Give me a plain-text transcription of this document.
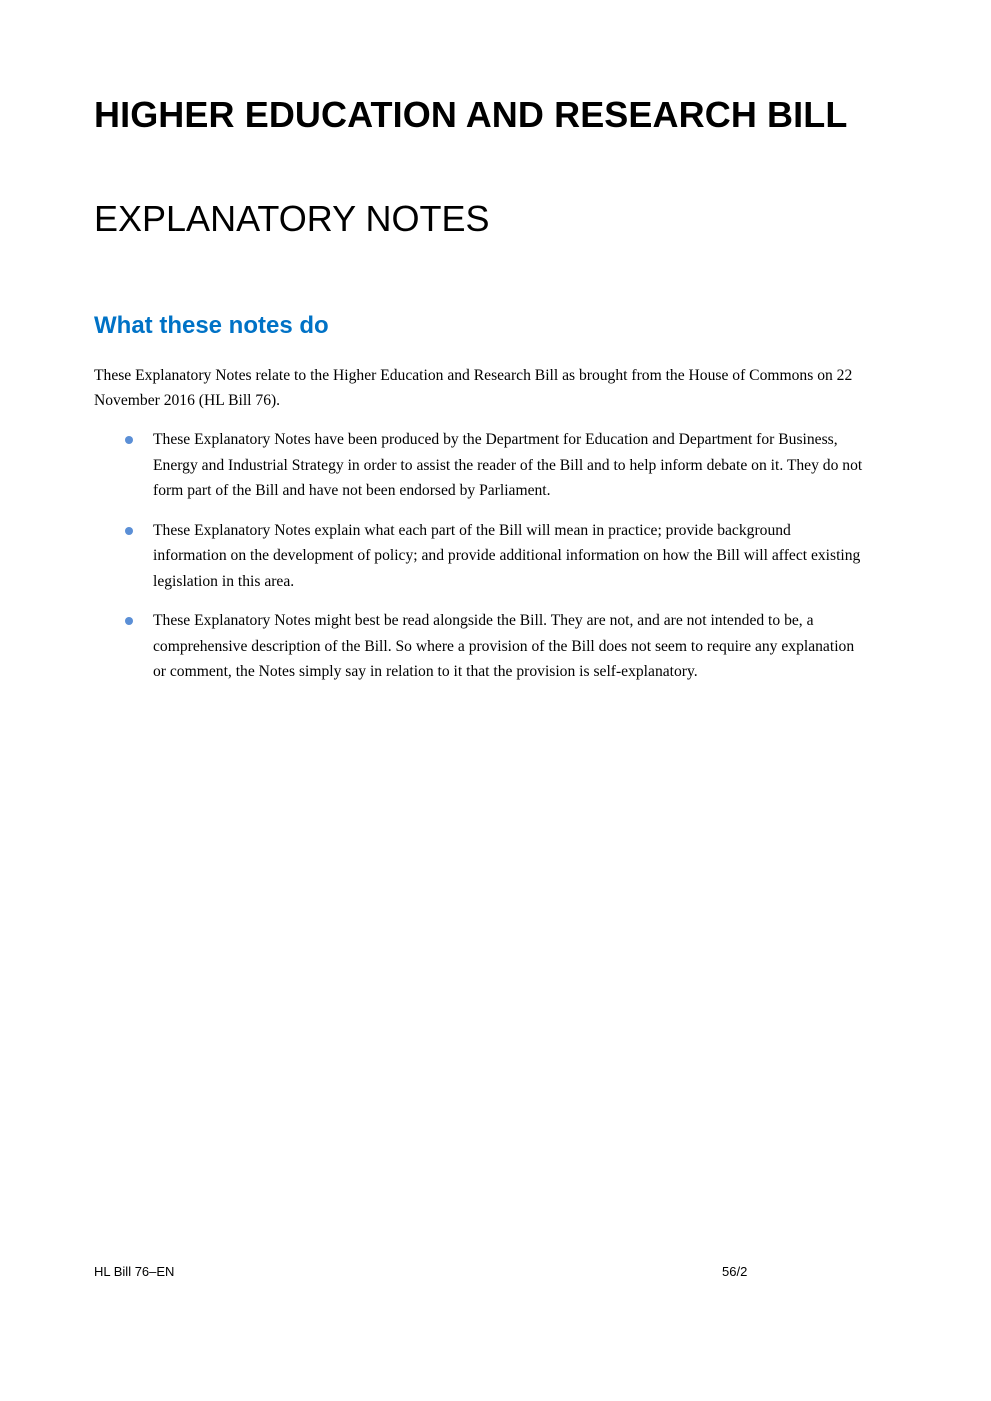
HIGHER EDUCATION AND RESEARCH BILL
EXPLANATORY NOTES
What these notes do

These Explanatory Notes relate to the Higher Education and Research Bill as brought from the House of Commons on 22 November 2016 (HL Bill 76).

These Explanatory Notes have been produced by the Department for Education and Department for Business, Energy and Industrial Strategy in order to assist the reader of the Bill and to help inform debate on it. They do not form part of the Bill and have not been endorsed by Parliament.
These Explanatory Notes explain what each part of the Bill will mean in practice; provide background information on the development of policy; and provide additional information on how the Bill will affect existing legislation in this area.
These Explanatory Notes might best be read alongside the Bill. They are not, and are not intended to be, a comprehensive description of the Bill. So where a provision of the Bill does not seem to require any explanation or comment, the Notes simply say in relation to it that the provision is self-explanatory.

HL Bill 76–EN	56/2
